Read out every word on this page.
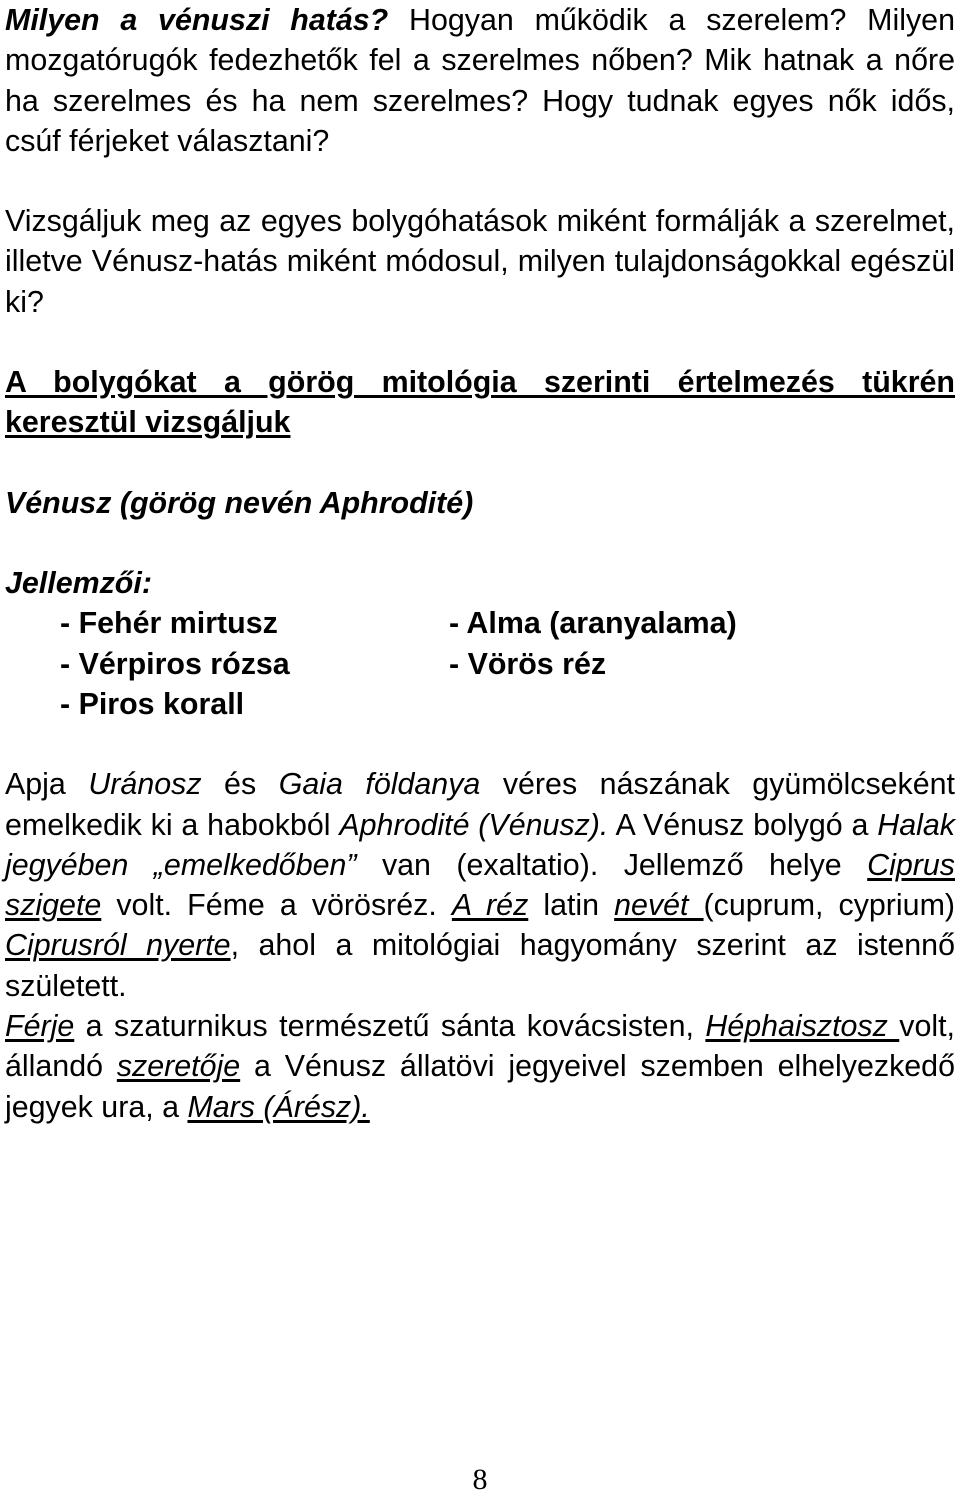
Milyen a vénuszi hatás? Hogyan működik a szerelem? Milyen mozgatórugók fedezhetők fel a szerelmes nőben? Mik hatnak a nőre ha szerelmes és ha nem szerelmes? Hogy tudnak egyes nők idős, csúf férjeket választani?

Vizsgáljuk meg az egyes bolygóhatások miként formálják a szerelmet, illetve Vénusz-hatás miként módosul, milyen tulajdonságokkal egészül ki?

A bolygókat a görög mitológia szerinti értelmezés tükrén keresztül vizsgáljuk

Vénusz (görög nevén Aphrodité)

Jellemzői:

- Fehér mirtusz
- Vérpiros rózsa
- Piros korall
- Alma (aranyalama)
- Vörös réz

Apja Uránosz és Gaia földanya véres nászának gyümölcseként emelkedik ki a habokból Aphrodité (Vénusz). A Vénusz bolygó a Halak jegyében „emelkedőben” van (exaltatio). Jellemző helye Ciprus szigete volt. Féme a vörösréz. A réz latin nevét (cuprum, cyprium) Ciprusról nyerte, ahol a mitológiai hagyomány szerint az istennő született.

Férje a szaturnikus természetű sánta kovácsisten, Héphaisztosz volt, állandó szeretője a Vénusz állatövi jegyeivel szemben elhelyezkedő jegyek ura, a Mars (Árész).

8
